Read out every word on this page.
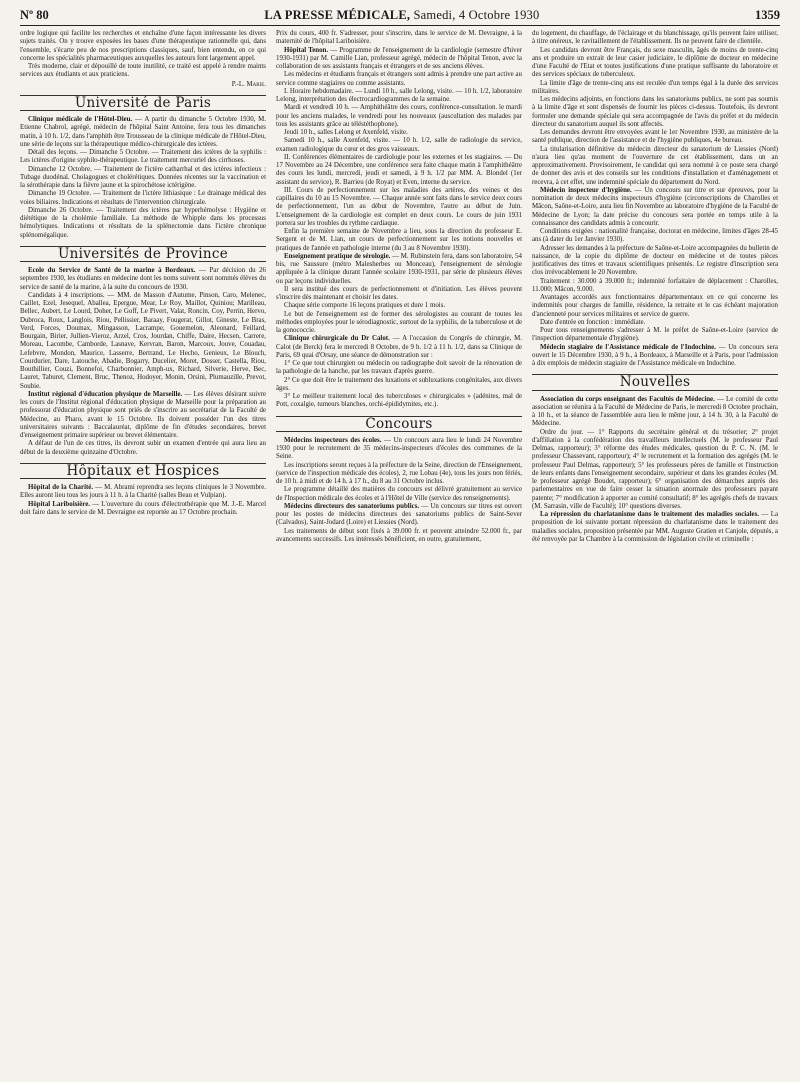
Nº 80	LA PRESSE MÉDICALE, Samedi, 4 Octobre 1930	1359

ordre logique qui facilite les recherches et enchaîne d'une façon intéressante les divers sujets traités. On y trouve exposées les bases d'une thérapeutique rationnelle qui, dans l'ensemble, s'écarte peu de nos prescriptions classiques, sauf, bien entendu, en ce qui concerne les spécialités pharmaceutiques auxquelles les auteurs font largement appel.

Très moderne, clair et dépouillé de toute inutilité, ce traité est appelé à rendre maints services aux étudiants et aux praticiens.

P.-L. Marie.

Université de Paris

Clinique médicale de l'Hôtel-Dieu. — A partir du dimanche 5 Octobre 1930, M. Etienne Chabrol, agrégé, médecin de l'hôpital Saint Antoine, fera tous les dimanches matin, à 10 h. 1/2, dans l'amphith être Trousseau de la clinique médicale de l'Hôtel-Dieu, une série de leçons sur la thérapeutique médico-chirurgicale des ictères.

Détail des leçons. — Dimanche 5 Octobre. — Traitement des ictères de la syphilis : Les ictères d'origine syphilo-thérapeutique. Le traitement mercuriel des cirrhoses.

Dimanche 12 Octobre. — Traitement de l'ictère catharrhal et des ictères infectieux : Tubage duodénal. Cholagogues et cholérétiques. Données récentes sur la vaccination et la sérothérapie dans la fièvre jaune et la spirochétose ictérigène.

Dimanche 19 Octobre. — Traitement de l'ictère lithiasique : Le drainage médical des voies biliaires. Indications et résultats de l'intervention chirurgicale.

Dimanche 26 Octobre. — Traitement des ictères par hyperhémolyse : Hygiène et diététique de la cholémie familiale. La méthode de Whipple dans les processus hémolytiques. Indications et résultats de la splénectomie dans l'ictère chronique splénomégalique.

Universités de Province

Ecole du Service de Santé de la marine à Bordeaux. — Par décision du 26 septembre 1930, les étudiants en médecine dont les noms suivent sont nommés élèves du service de santé de la marine, à la suite du concours de 1930.

Candidats à 4 inscriptions. — MM. de Masson d'Autume, Pinson, Caro, Melenec, Caillet, Ezel, Jesequel, Aballea, Epergue, Mear, Le Roy, Maillot, Quiniou; Marilleau, Bellec, Aubert, Le Lourd, Doher, Le Goff, Le Pivert, Valat, Roncin, Coy, Perrin, Hervo, Dubroca, Roux, Langlois, Riou, Pellissier, Baraay, Fougerat, Gillot, Gineste, Le Bras, Verd, Forces, Doumax, Mingasson, Lacrampe, Gouemelon, Aleonard, Feillard, Bourgain, Birier, Jullien-Vieroz, Arzel, Cros, Jourdan, Chiffe, Daire, Hecsen, Carrere, Moreau, Lacombe, Camborde, Lasnave, Kervran, Baron, Marcoux, Jouve, Couadau, Lefebvre, Mondon, Maurice, Lasserre, Bertrand, Le Hecho, Genieux, Le Blouch, Courdurier, Dare, Latouche, Abadie, Bogarry, Ducelier, Moret, Dosser, Castella, Riou, Bouthillier, Couzi, Bonnefoi, Charbonnier, Amph-ux, Richard, Silverie, Herve, Bec, Lauret, Taburet, Clement, Bruc, Thenoz, Hodoyer, Monin, Orsini, Plumauzille, Prevot, Soubie.

Institut régional d'éducation physique de Marseille. — Les élèves désirant suivre les cours de l'Institut régional d'éducation physique de Marseille pour la préparation au professorat d'éducation physique sont priés de s'inscrire au secrétariat de la Faculté de Médecine, au Pharo, avant le 15 Octobre. Ils doivent posséder l'un des titres universitaires suivants : Baccalauréat, diplôme de fin d'études secondaires, brevet d'enseignement primaire supérieur ou brevet élémentaire.

A défaut de l'un de ces titres, ils devront subir un examen d'entrée qui aura lieu au début de la deuxième quinzaine d'Octobre.

Hôpitaux et Hospices

Hôpital de la Charité. — M. Abrami reprendra ses leçons cliniques le 3 Novembre. Elles auront lieu tous les jours à 11 h. à la Charité (salles Beau et Vulpian).

Hôpital Lariboisière. — L'ouverture du cours d'électrothérapie que M. J.-E. Marcel doit faire dans le service de M. Devraigne est reportée au 17 Octobre prochain.

Prix du cours, 400 fr. S'adresser, pour s'inscrire, dans le service de M. Devraigne, à la maternité de l'hôpital Lariboisière.

Hôpital Tenon. — Programme de l'enseignement de la cardiologie (semestre d'hiver 1930-1931) par M. Camille Lian, professeur agrégé, médecin de l'hôpital Tenon, avec la collaboration de ses assistants français et étrangers et de ses anciens élèves.

Les médecins et étudiants français et étrangers sont admis à prendre une part active au service comme stagiaires ou comme assistants.

I. Horaire hebdomadaire. — Lundi 10 h., salle Lelong, visite. — 10 h. 1/2, laboratoire Lelong, interprétation des électrocardiogrammes de la semaine.

Mardi et vendredi 10 h. — Amphithéâtre des cours, conférence-consultation. le mardi pour les anciens malades, le vendredi pour les nouveaux (auscultation des malades par tous les assistants grâce au téléstéthophone).

Jeudi 10 h., salles Lelong et Axenfeld, visite.

Samedi 10 h., salle Axenfeld, visite. — 10 h. 1/2, salle de radiologie du service, examen radiologique du cœur et des gros vaisseaux.

II. Conférences élémentaires de cardiologie pour les externes et les stagiaires. — Du 17 Novembre au 24 Décembre, une conférence sera faite chaque matin à l'amphithéâtre des cours les lundi, mercredi, jeudi et samedi, à 9 h. 1/2 par MM. A. Blondel (1er assistant du service), R. Barrieu (de Royat) et Even, interne du service.

III. Cours de perfectionnement sur les maladies des artères, des veines et des capillaires du 10 au 15 Novembre. — Chaque année sont faits dans le service deux cours de perfectionnement, l'un au début de Novembre, l'autre au début de Juin. L'enseignement de la cardiologie est complet en deux cours. Le cours de juin 1931 portera sur les troubles du rythme cardiaque.

Enfin la première semaine de Novembre a lieu, sous la direction du professeur E. Sergent et de M. Lian, un cours de perfectionnement sur les notions nouvelles et pratiques de l'année en pathologie interne (du 3 au 8 Novembre 1930).

Enseignement pratique de sérologie. — M. Rubinstein fera, dans son laboratoire, 54 bis, rue Saussure (métro Malesherbes ou Monceau), l'enseignement de sérologie appliquée à la clinique durant l'année scolaire 1930-1931, par série de plusieurs élèves ou par leçons individuelles.

Il sera institué des cours de perfectionnement et d'initiation. Les élèves peuvent s'inscrire dès maintenant et choisir les dates.

Chaque série comporte 16 leçons pratiques et dure 1 mois.

Le but de l'enseignement est de former des sérologistes au courant de toutes les méthodes employées pour le sérodiagnostic, surtout de la syphilis, de la tuberculose et de la gonococcie.

Clinique chirurgicale du Dr Calot. — A l'occasion du Congrès de chirurgie, M. Calot (de Berck) fera le mercredi 8 Octobre, de 9 h. 1/2 à 11 h. 1/2, dans sa Clinique de Paris, 69 quai d'Orsay, une séance de démonstration sur :

1° Ce que tout chirurgien ou médecin ou radiographe doit savoir de la rénovation de la pathologie de la hanche, par les travaux d'après guerre.

2° Ce que doit être le traitement des luxations et subluxations congénitales, aux divers âges.

3° Le meilleur traitement local des tuberculoses « chirurgicales » (adénites, mal de Pott, coxalgie, tumeurs blanches, orchi-épididymites, etc.).

Concours

Médecins inspecteurs des écoles. — Un concours aura lieu le lundi 24 Novembre 1930 pour le recrutement de 35 médecins-inspecteurs d'écoles des communes de la Seine.

Les inscriptions seront reçues à la préfecture de la Seine, direction de l'Enseignement, (service de l'inspection médicale des écoles), 2, rue Lobau (4e), tous les jours non fériés, de 10 h. à midi et de 14 h. à 17 h., du 8 au 31 Octobre inclus.

Le programme détaillé des matières du concours est délivré gratuitement au service de l'Inspection médicale des écoles et à l'Hôtel de Ville (service des renseignements).

Médecins directeurs des sanatoriums publics. — Un concours sur titres est ouvert pour les postes de médecins directeurs des sanatoriums publics de Saint-Sever (Calvados), Saint-Jodard (Loire) et Liessies (Nord).

Les traitements de début sont fixés à 39.000 fr. et peuvent atteindre 52.000 fr., par avancements successifs. Les intéressés bénéficient, en outre, gratuitement,

du logement, du chauffage, de l'éclairage et du blanchissage, qu'ils peuvent faire utiliser, à titre onéreux, le ravitaillement de l'établissement. Ils ne peuvent faire de clientèle.

Les candidats devront être Français, du sexe masculin, âgés de moins de trente-cinq ans et produire un extrait de leur casier judiciaire, le diplôme de docteur en médecine d'une Faculté de l'Etat et toutes justifications d'une pratique suffisante du laboratoire et des services spéciaux de tuberculeux.

La limite d'âge de trente-cinq ans est reculée d'un temps égal à la durée des services militaires.

Les médecins adjoints, en fonctions dans les sanatoriums publics, ne sont pas soumis à la limite d'âge et sont dispensés de fournir les pièces ci-dessus. Toutefois, ils devront formuler une demande spéciale qui sera accompagnée de l'avis du préfet et du médecin directeur du sanatorium auquel ils sont affectés.

Les demandes devront être envoyées avant le 1er Novembre 1930, au ministère de la santé publique, direction de l'assistance et de l'hygiène publiques, 4e bureau.

La titularisation définitive du médecin directeur du sanatorium de Liessies (Nord) n'aura lieu qu'au moment de l'ouverture de cet établissement, dans un an approximativement. Provisoirement, le candidat qui sera nommé à ce poste sera chargé de donner des avis et des conseils sur les conditions d'installation et d'aménagement et recevra, à cet effet, une indemnité spéciale du département du Nord.

Médecin inspecteur d'hygiène. — Un concours sur titre et sur épreuves, pour la nomination de deux médecins inspecteurs d'hygiène (circonscriptions de Charolles et Mâcon, Saône-et-Loire, aura lieu fin Novembre au laboratoire d'hygiène de la Faculté de Médecine de Lyon; la date précise du concours sera portée en temps utile à la connaissance des candidats admis à concourir.

Conditions exigées : nationalité française, doctorat en médecine, limites d'âges 28-45 ans (à dater du 1er Janvier 1930).

Adresser les demandes à la préfecture de Saône-et-Loire accompagnées du bulletin de naissance, de la copie du diplôme de docteur en médecine et de toutes pièces justificatives des titres et travaux scientifiques présentés. Le registre d'inscription sera clos irrévocablement le 20 Novembre.

Traitement : 30.000 à 39.000 fr.; indemnité forfaitaire de déplacement : Charolles, 11.000; Mâcon, 9.000.

Avantages accordés aux fonctionnaires départementaux en ce qui concerne les indemnités pour charges de famille, résidence, la retraite et le cas échéant majoration d'ancienneté pour services militaires et service de guerre.

Date d'entrée en fonction : immédiate.

Pour tous renseignements s'adresser à M. le préfet de Saône-et-Loire (service de l'inspection départementale d'hygiène).

Médecin stagiaire de l'Assistance médicale de l'Indochine. — Un concours sera ouvert le 15 Décembre 1930, à 9 h., à Bordeaux, à Marseille et à Paris, pour l'admission à dix emplois de médecin stagiaire de l'Assistance médicale en Indochine.

Nouvelles

Association du corps enseignant des Facultés de Médecine. — Le comité de cette association se réunira à la Faculté de Médecine de Paris, le mercredi 8 Octobre prochain, à 10 h., et la séance de l'assemblée aura lieu le même jour, à 14 h. 30, à la Faculté de Médecine.

Ordre du jour. — 1° Rapports du secrétaire général et du trésorier; 2° projet d'affiliation à la confédération des travailleurs intellectuels (M. le professeur Paul Delmas, rapporteur); 3° réforme des études médicales, question du P. C. N. (M. le professeur Chassevant, rapporteur); 4° le recrutement et la formation des agrégés (M. le professeur Paul Delmas, rapporteur); 5° les professeurs pères de famille et l'instruction de leurs enfants dans l'enseignement secondaire, supérieur et dans les grandes écoles (M. le professeur agrégé Boudet, rapporteur); 6° organisation des démarches auprès des parlementaires en vue de faire cesser la situation anormale des professeurs payant patente; 7° modification à apporter au comité consultatif; 8° les agrégés chefs de travaux (M. Sarrasin, ville de Faculté); 10° questions diverses.

La répression du charlatanisme dans le traitement des maladies sociales. — La proposition de loi suivante portant répression du charlatanisme dans le traitement des maladies sociales, proposition présentée par MM. Auguste Gratien et Canjole, députés, a été renvoyée par la Chambre à la commission de législation civile et criminelle :
